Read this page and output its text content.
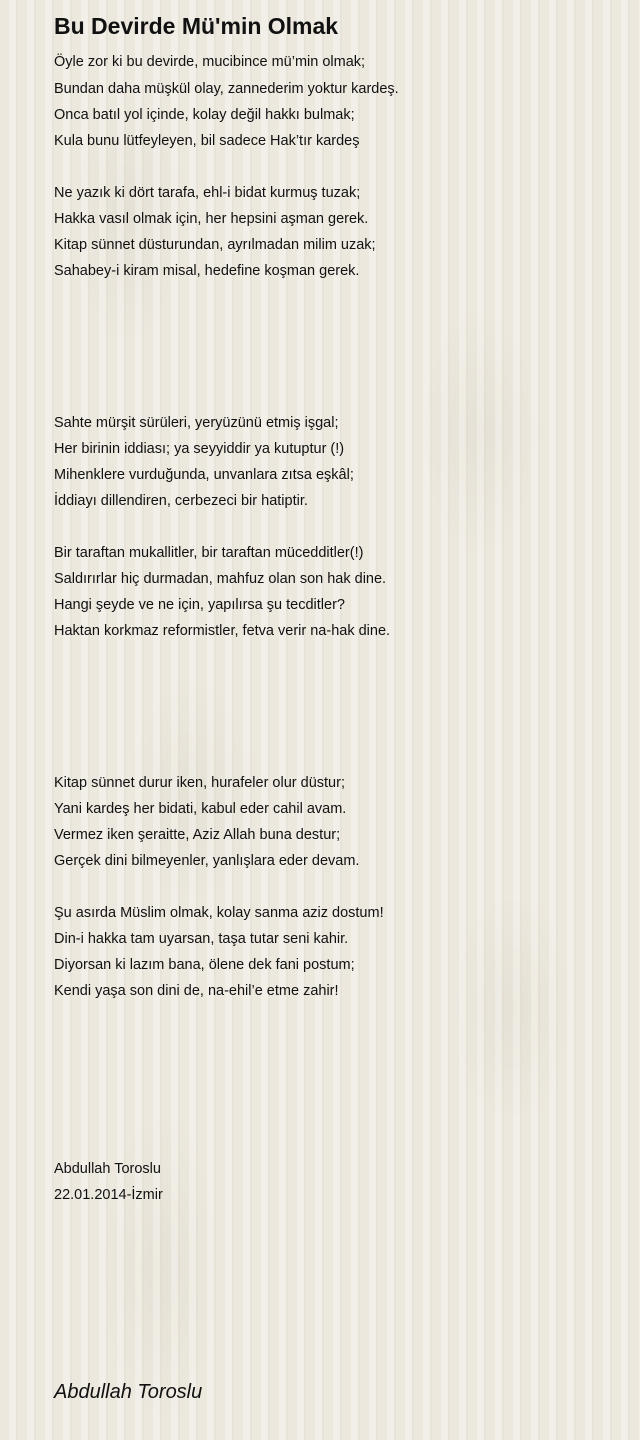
Bu Devirde Mü'min Olmak
Öyle zor ki bu devirde, mucibince mü’min olmak;
Bundan daha müşkül olay, zannederim yoktur kardeş.
Onca batıl yol içinde, kolay değil hakkı bulmak;
Kula bunu lütfeyleyen, bil sadece Hak’tır kardeş
Ne yazık ki dört tarafa, ehl-i bidat kurmuş tuzak;
Hakka vasıl olmak için, her hepsini aşman gerek.
Kitap sünnet düsturundan, ayrılmadan milim uzak;
Sahabey-i kiram misal, hedefine koşman gerek.
Sahte mürşit sürüleri, yeryüzünü etmiş işgal;
Her birinin iddiası; ya seyyiddir ya kutuptur (!)
Mihenklere vurduğunda, unvanlara zıtsa eşkâl;
İddiayı dillendiren, cerbezeci bir hatiptir.
Bir taraftan mukallitler, bir taraftan mücedditler(!)
Saldırırlar hiç durmadan, mahfuz olan son hak dine.
Hangi şeyde ve ne için, yapılırsa şu tecditler?
Haktan korkmaz reformistler, fetva verir na-hak dine.
Kitap sünnet durur iken, hurafeler olur düstur;
Yani kardeş her bidati, kabul eder cahil avam.
Vermez iken şeraitte, Aziz Allah buna destur;
Gerçek dini bilmeyenler, yanlışlara eder devam.
Şu asırda Müslim olmak, kolay sanma aziz dostum!
Din-i hakka tam uyarsan, taşa tutar seni kahir.
Diyorsan ki lazım bana, ölene dek fani postum;
Kendi yaşa son dini de, na-ehil’e etme zahir!
Abdullah Toroslu
22.01.2014-İzmir
Abdullah Toroslu
